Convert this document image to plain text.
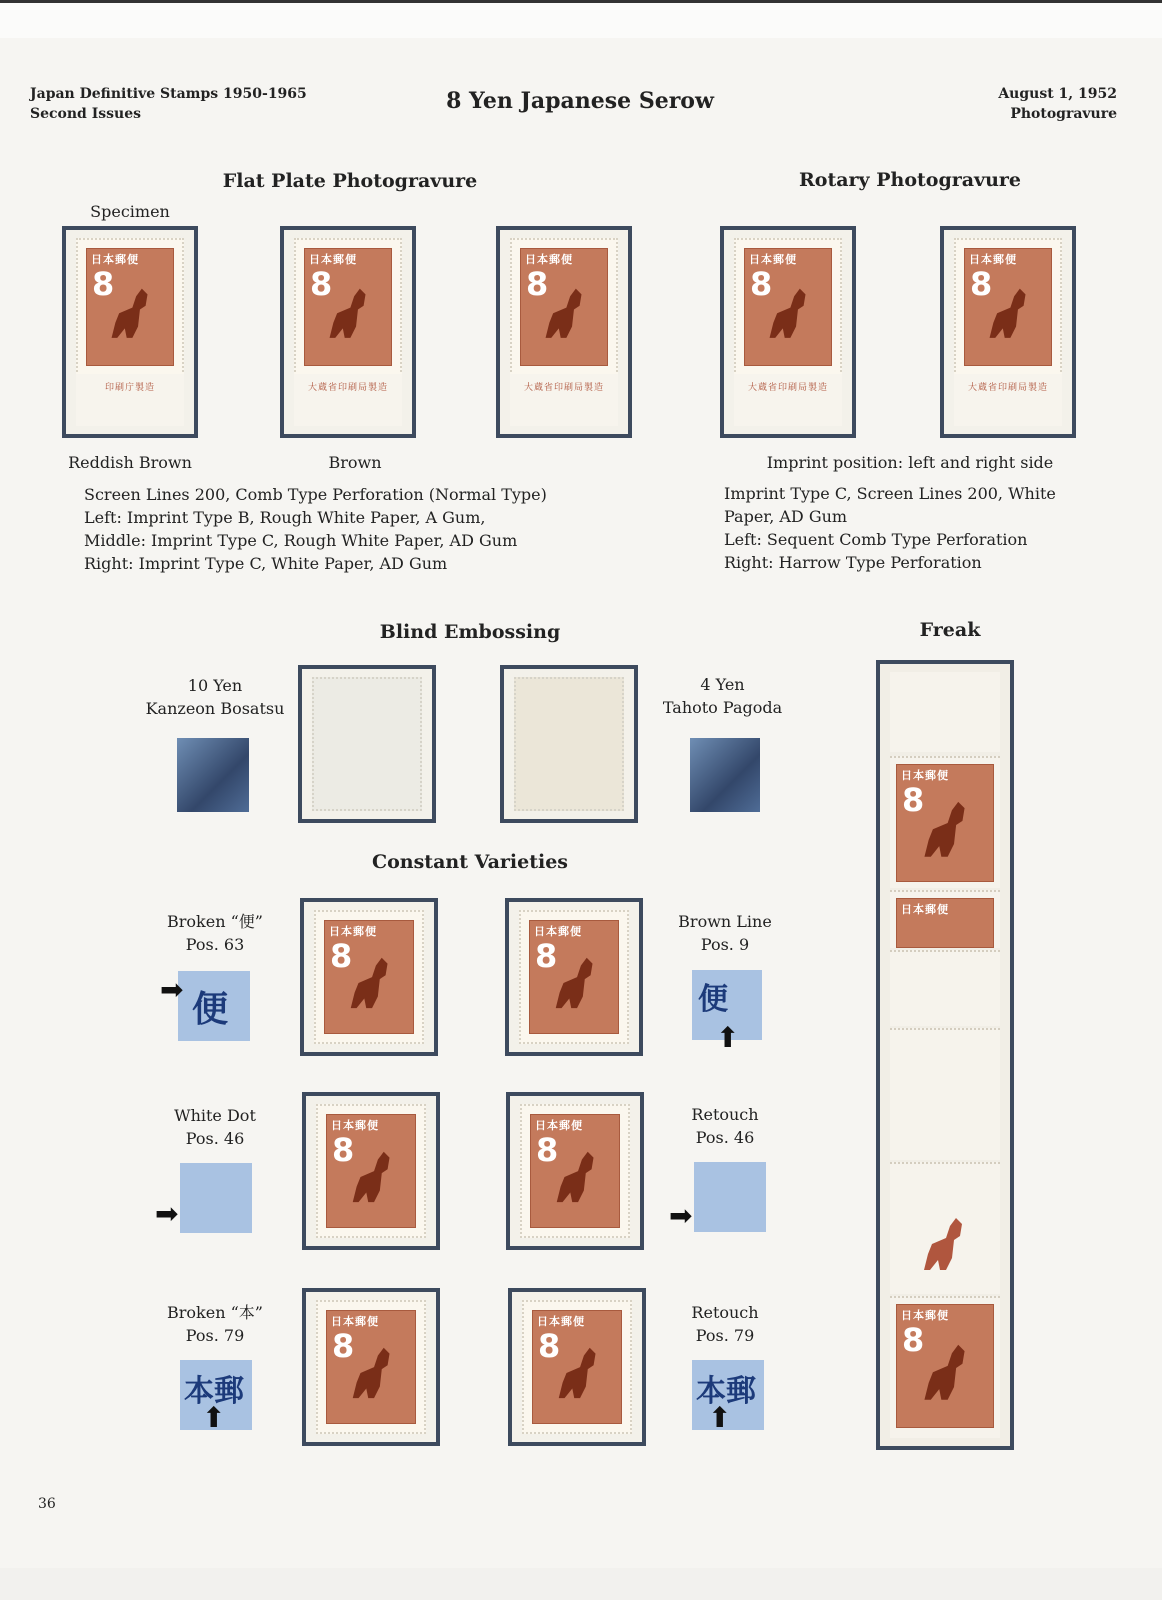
Japan Definitive Stamps 1950-1965
Second Issues	8 Yen Japanese Serow	August 1, 1952
Photogravure
Flat Plate Photogravure	Rotary Photogravure
Specimen
日本郵便
8
印刷庁製造
日本郵便
8
大蔵省印刷局製造
日本郵便
8
大蔵省印刷局製造
日本郵便
8
大蔵省印刷局製造
日本郵便
8
大蔵省印刷局製造
Reddish Brown	Brown	Imprint position: left and right side
Screen Lines 200, Comb Type Perforation (Normal Type)
Left: Imprint Type B, Rough White Paper, A Gum,
Middle: Imprint Type C, Rough White Paper, AD Gum
Right: Imprint Type C, White Paper, AD Gum
Imprint Type C, Screen Lines 200, White
Paper, AD Gum
Left: Sequent Comb Type Perforation
Right: Harrow Type Perforation
Blind Embossing	Freak
10 Yen
Kanzeon Bosatsu
4 Yen
Tahoto Pagoda
Constant Varieties
Broken “便”
Pos. 63
Brown Line
Pos. 9
White Dot
Pos. 46
Retouch
Pos. 46
Broken “本”
Pos. 79
Retouch
Pos. 79
便
➡	便
⬆
➡	➡
本郵
⬆
本郵
⬆
日本郵便
8
日本郵便
8
日本郵便
8
日本郵便
8
日本郵便
8
日本郵便
8
日本郵便
8
日本郵便
日本郵便
8
36
